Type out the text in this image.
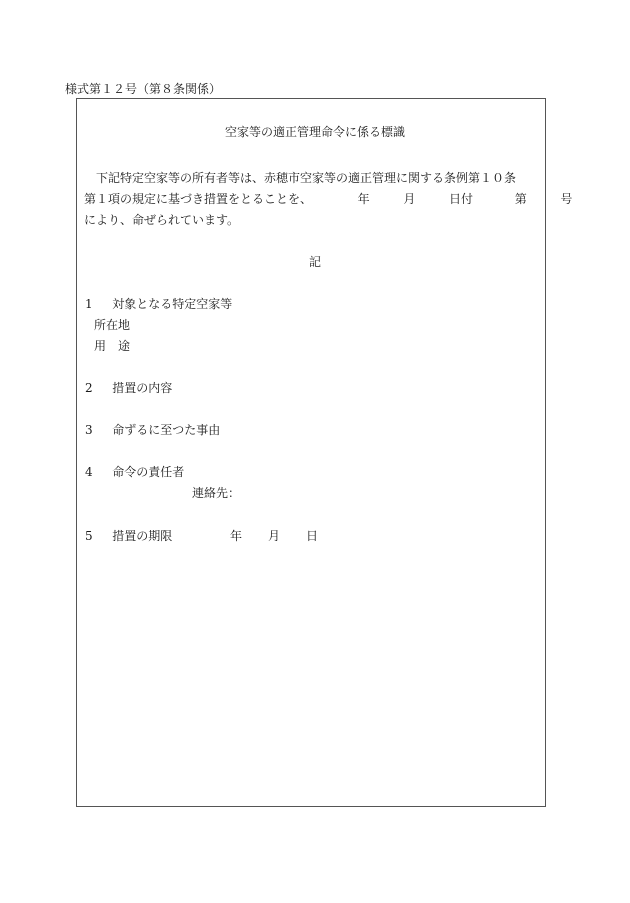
様式第１２号（第８条関係）
空家等の適正管理命令に係る標識
下記特定空家等の所有者等は、赤穂市空家等の適正管理に関する条例第１０条
第１項の規定に基づき措置をとることを、	年	月	日付	第	号
により、命ぜられています。
記
1 対象となる特定空家等
所在地
用　途
2 措置の内容
3 命ずるに至つた事由
4 命令の責任者
連絡先：
5 措置の期限	年 月 日
